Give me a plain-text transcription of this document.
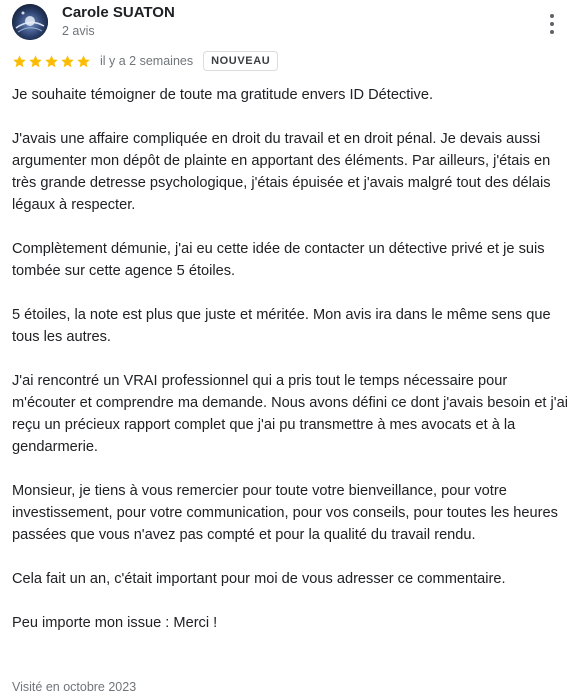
Carole SUATON
2 avis
il y a 2 semaines	NOUVEAU

Je souhaite témoigner de toute ma gratitude envers ID Détective.

J'avais une affaire compliquée en droit du travail et en droit pénal. Je devais aussi argumenter mon dépôt de plainte en apportant des éléments. Par ailleurs, j'étais en très grande detresse psychologique, j'étais épuisée et j'avais malgré tout des délais légaux à respecter.

Complètement démunie, j'ai eu cette idée de contacter un détective privé et je suis tombée sur cette agence 5 étoiles.

5 étoiles, la note est plus que juste et méritée. Mon avis ira dans le même sens que tous les autres.

J'ai rencontré un VRAI professionnel qui a pris tout le temps nécessaire pour m'écouter et comprendre ma demande. Nous avons défini ce dont j'avais besoin et j'ai reçu un précieux rapport complet que j'ai pu transmettre à mes avocats et à la gendarmerie.

Monsieur, je tiens à vous remercier pour toute votre bienveillance, pour votre investissement, pour votre communication, pour vos conseils, pour toutes les heures passées que vous n'avez pas compté et pour la qualité du travail rendu.

Cela fait un an, c'était important pour moi de vous adresser ce commentaire.

Peu importe mon issue : Merci !

Visité en octobre 2023
